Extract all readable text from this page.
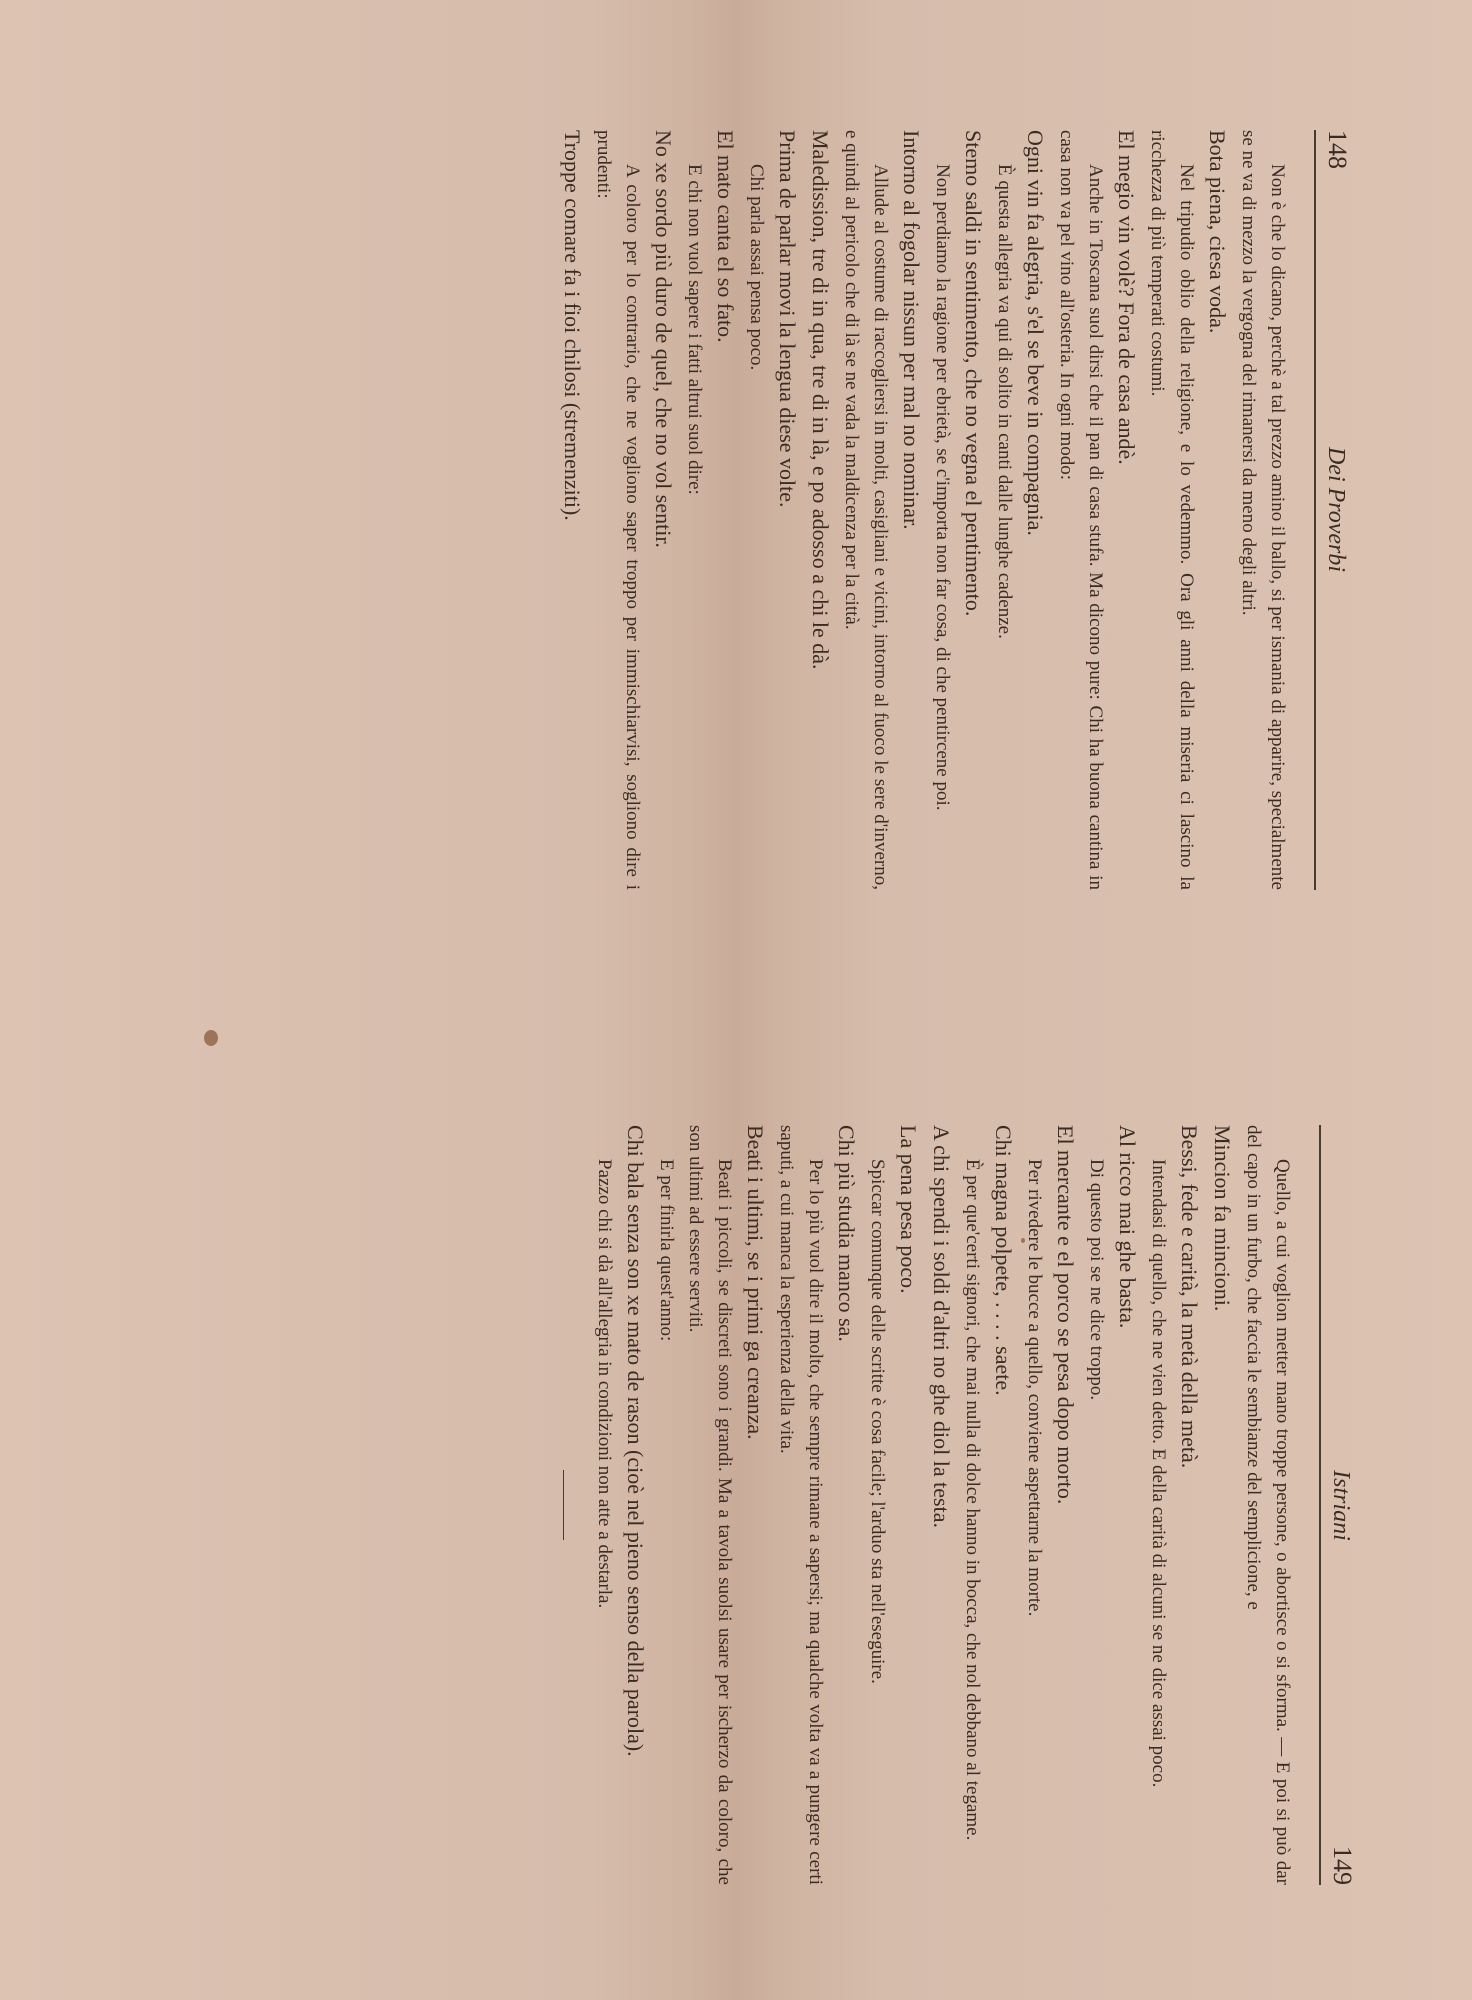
148
Dei Proverbi

Non è che lo dicano, perchè a tal prezzo amino il ballo, si per ismania di apparire, specialmente se ne va di mezzo la vergogna del rimanersi da meno degli altri.

Bota piena, ciesa voda.

Nel tripudio oblio della religione, e lo vedemmo. Ora gli anni della miseria ci lascino la ricchezza di più temperati costumi.

El megio vin volè? Fora de casa andè.

Anche in Toscana suol dirsi che il pan di casa stufa. Ma dicono pure: Chi ha buona cantina in casa non va pel vino all'osteria. In ogni modo:

Ogni vin fa alegria, s'el se beve in compagnia.

È questa allegria va qui di solito in canti dalle lunghe cadenze.

Stemo saldi in sentimento, che no vegna el pentimento.

Non perdiamo la ragione per ebrietà, se c'importa non far cosa, di che pentircene poi.

Intorno al fogolar nissun per mal no nominar.

Allude al costume di raccogliersi in molti, casigliani e vicini, intorno al fuoco le sere d'inverno, e quindi al pericolo che di là se ne vada la maldicenza per la città.

Maledission, tre di in qua, tre di in là, e po adosso a chi le dà.

Prima de parlar movi la lengua diese volte.

Chi parla assai pensa poco.

El mato canta el so fato.

E chi non vuol sapere i fatti altrui suol dire:

No xe sordo più duro de quel, che no vol sentir.

A coloro per lo contrario, che ne vogliono saper troppo per immischiarvisi, sogliono dire i prudenti:

Troppe comare fa i fioi chilosi (stremenziti).

Istriani
149

Quello, a cui voglion metter mano troppe persone, o abortisce o si sforma. — E poi si può dar del capo in un furbo, che faccia le sembianze del semplicione, e

Mincion fa mincioni.

Bessi, fede e carità, la metà della metà.

Intendasi di quello, che ne vien detto. E della carità di alcuni se ne dice assai poco.

Al ricco mai ghe basta.

Di questo poi se ne dice troppo.

El mercante e el porco se pesa dopo morto.

Per rivedere le bucce a quello, conviene aspettarne la morte.

Chi magna polpete, . . . . saete.

È per que'certi signori, che mai nulla di dolce hanno in bocca, che nol debbano al tegame.

A chi spendi i soldi d'altri no ghe diol la testa.

La pena pesa poco.

Spiccar comunque delle scritte è cosa facile; l'arduo sta nell'eseguire.

Chi più studia manco sa.

Per lo più vuol dire il molto, che sempre rimane a sapersi; ma qualche volta va a pungere certi saputi, a cui manca la esperienza della vita.

Beati i ultimi, se i primi ga creanza.

Beati i piccoli, se discreti sono i grandi. Ma a tavola suolsi usare per ischerzo da coloro, che son ultimi ad essere serviti.

E per finirla quest'anno:

Chi bala senza son xe mato de rason (cioè nel pieno senso della parola).

Pazzo chi si dà all'allegria in condizioni non atte a destarla.
